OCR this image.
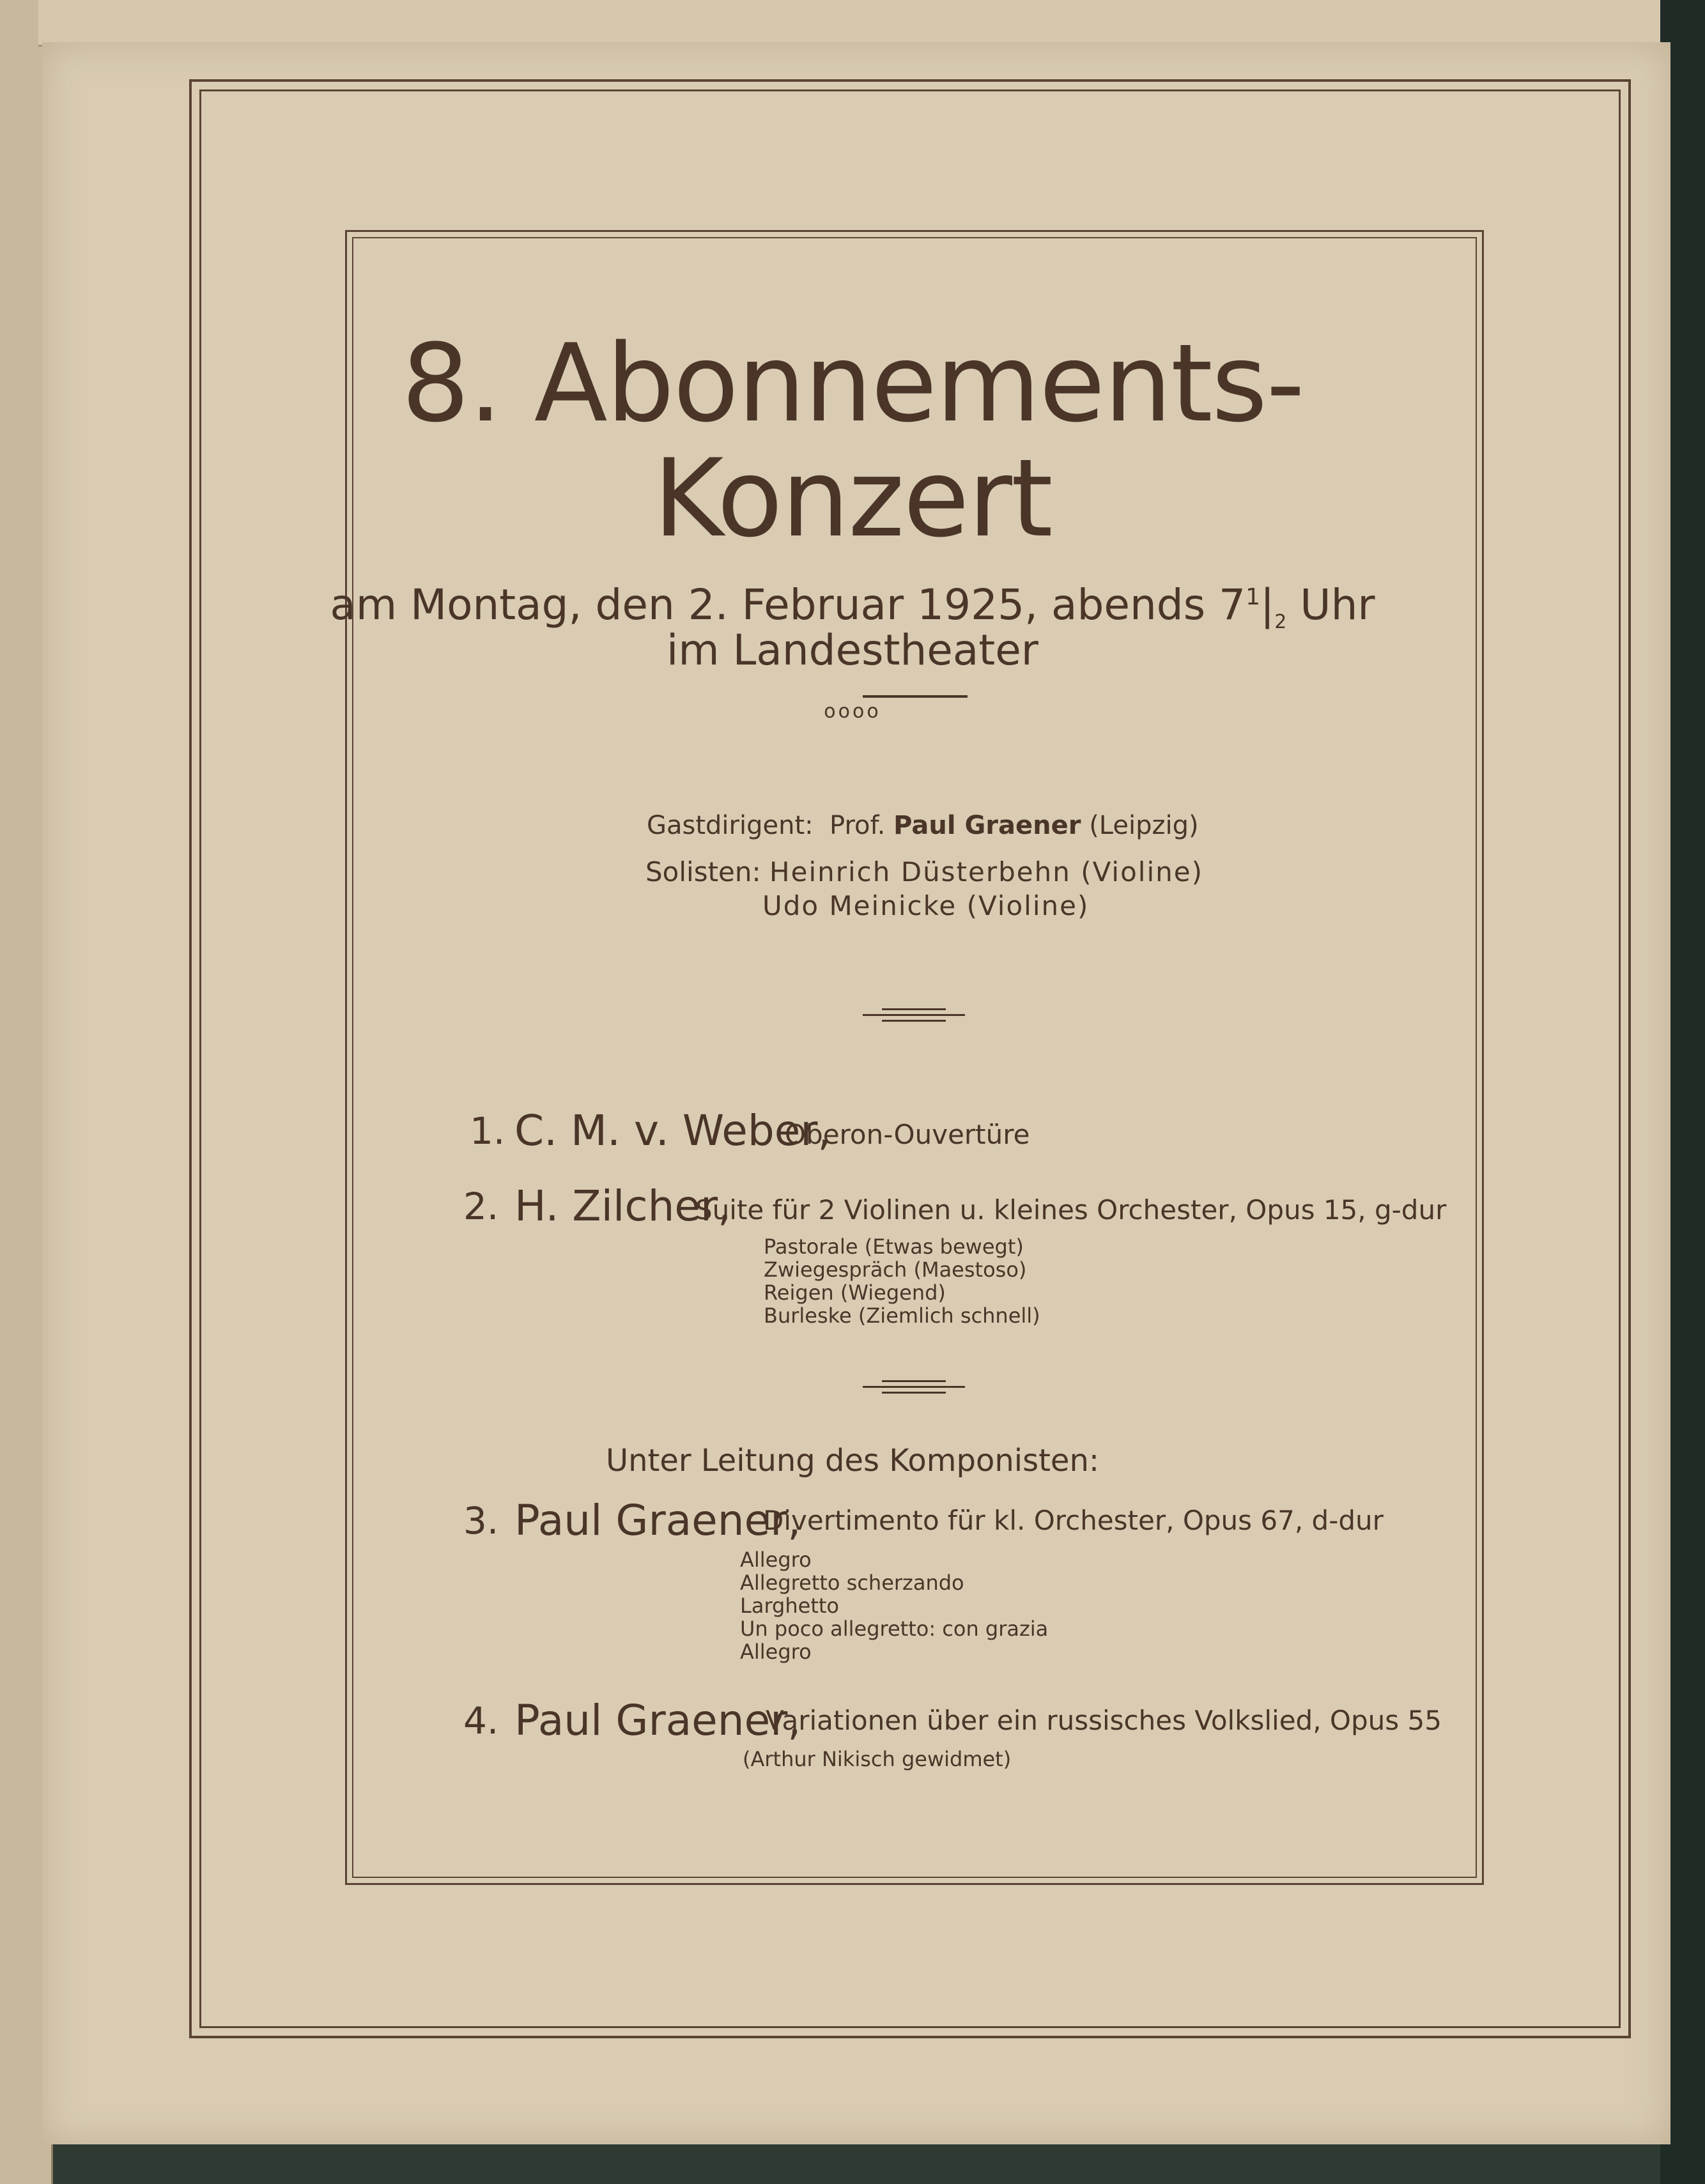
8. Abonnements-
Konzert
am Montag, den 2. Februar 1925, abends $7^1|_2$ Uhr
im Landestheater
oooo
Gastdirigent: Prof. Paul Graener (Leipzig)
Solisten: Heinrich Düsterbehn (Violine)
Udo Meinicke (Violine)
1. C. M. v. Weber,
Oberon-Ouvertüre
2. H. Zilcher,
Suite für 2 Violinen u. kleines Orchester, Opus 15, g-dur
Pastorale (Etwas bewegt)
Zwiegespräch (Maestoso)
Reigen (Wiegend)
Burleske (Ziemlich schnell)
Unter Leitung des Komponisten:
3. Paul Graener,
Divertimento für kl. Orchester, Opus 67, d-dur
Allegro
Allegretto scherzando
Larghetto
Un poco allegretto: con grazia
Allegro
4. Paul Graener,
Variationen über ein russisches Volkslied, Opus 55
(Arthur Nikisch gewidmet)
